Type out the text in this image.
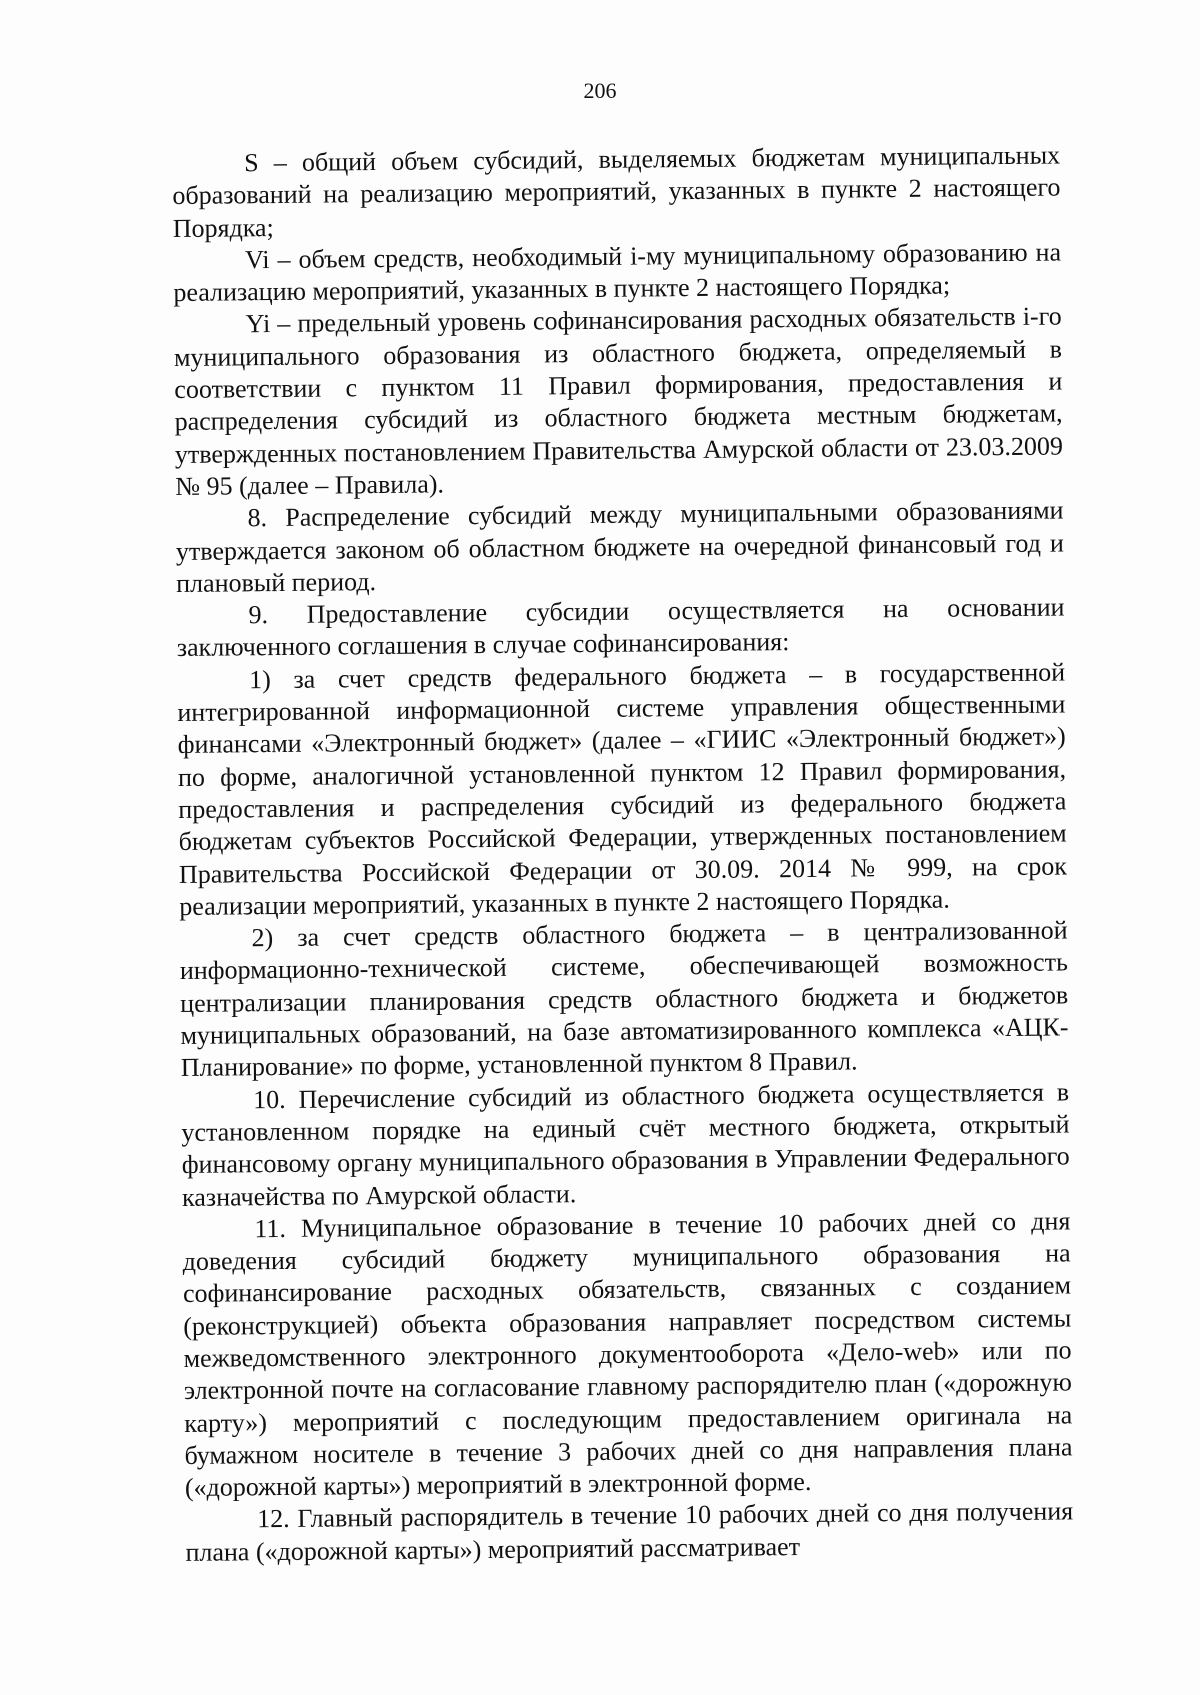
206

S – общий объем субсидий, выделяемых бюджетам муниципальных образований на реализацию мероприятий, указанных в пункте 2 настоящего Порядка;

Vi – объем средств, необходимый i-му муниципальному образованию на реализацию мероприятий, указанных в пункте 2 настоящего Порядка;

Yi – предельный уровень софинансирования расходных обязательств i-го муниципального образования из областного бюджета, определяемый в соответствии с пунктом 11 Правил формирования, предоставления и распределения субсидий из областного бюджета местным бюджетам, утвержденных постановлением Правительства Амурской области от 23.03.2009 № 95 (далее – Правила).

8. Распределение субсидий между муниципальными образованиями утверждается законом об областном бюджете на очередной финансовый год и плановый период.

9. Предоставление субсидии осуществляется на основании заключенного соглашения в случае софинансирования:

1) за счет средств федерального бюджета – в государственной интегрированной информационной системе управления общественными финансами «Электронный бюджет» (далее – «ГИИС «Электронный бюджет») по форме, аналогичной установленной пунктом 12 Правил формирования, предоставления и распределения субсидий из федерального бюджета бюджетам субъектов Российской Федерации, утвержденных постановлением Правительства Российской Федерации от 30.09. 2014 № 999, на срок реализации мероприятий, указанных в пункте 2 настоящего Порядка.

2) за счет средств областного бюджета – в централизованной информационно-технической системе, обеспечивающей возможность централизации планирования средств областного бюджета и бюджетов муниципальных образований, на базе автоматизированного комплекса «АЦК-Планирование» по форме, установленной пунктом 8 Правил.

10. Перечисление субсидий из областного бюджета осуществляется в установленном порядке на единый счёт местного бюджета, открытый финансовому органу муниципального образования в Управлении Федерального казначейства по Амурской области.

11. Муниципальное образование в течение 10 рабочих дней со дня доведения субсидий бюджету муниципального образования на софинансирование расходных обязательств, связанных с созданием (реконструкцией) объекта образования направляет посредством системы межведомственного электронного документооборота «Дело-web» или по электронной почте на согласование главному распорядителю план («дорожную карту») мероприятий с последующим предоставлением оригинала на бумажном носителе в течение 3 рабочих дней со дня направления плана («дорожной карты») мероприятий в электронной форме.

12. Главный распорядитель в течение 10 рабочих дней со дня получения плана («дорожной карты») мероприятий рассматривает
